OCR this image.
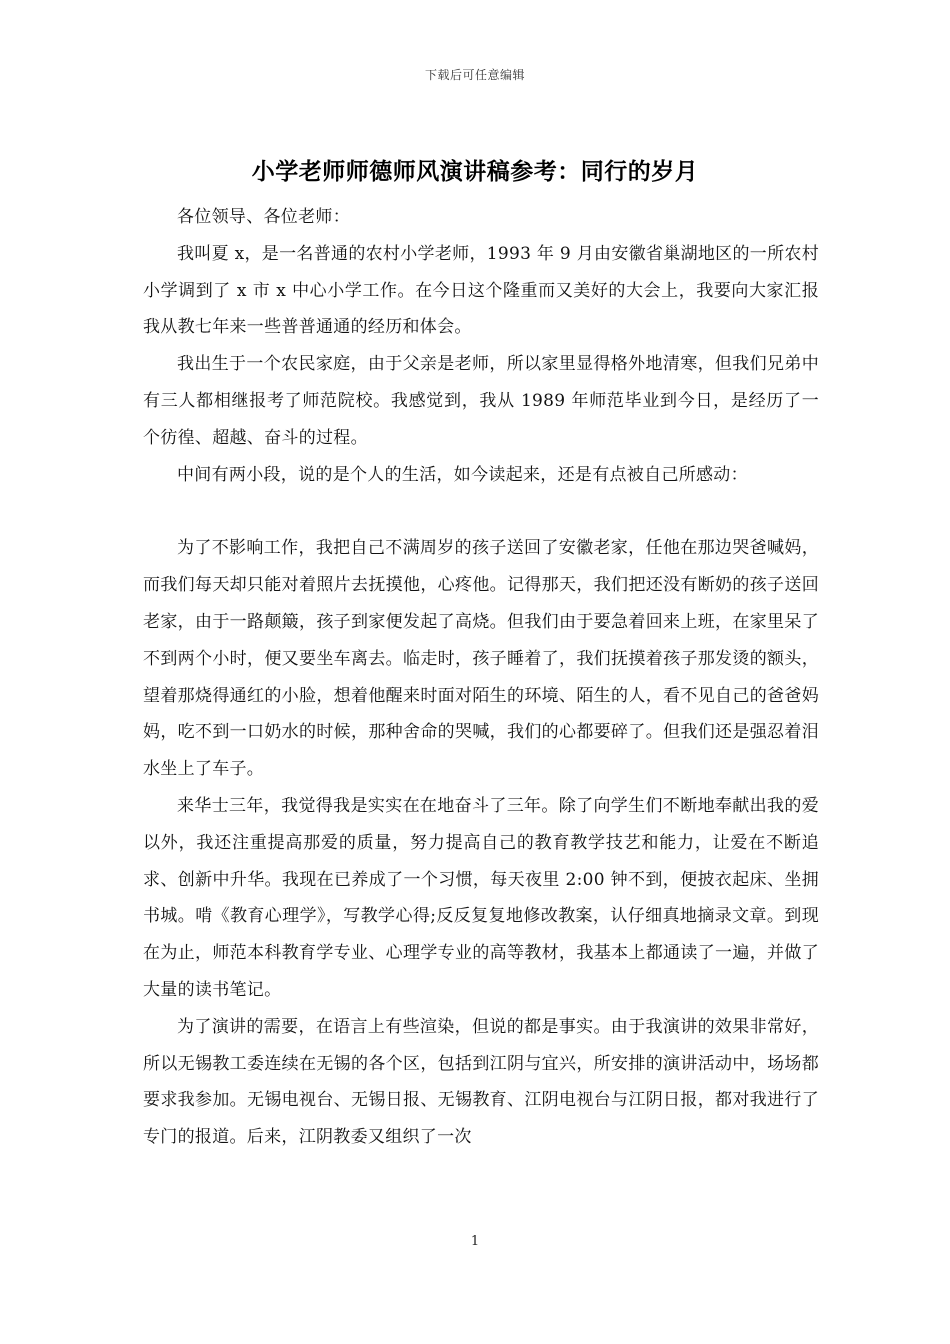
下载后可任意编辑
小学老师师德师风演讲稿参考：同行的岁月

各位领导、各位老师：

我叫夏 x，是一名普通的农村小学老师，1993 年 9 月由安徽省巢湖地区的一所农村小学调到了 x 市 x 中心小学工作。在今日这个隆重而又美好的大会上，我要向大家汇报我从教七年来一些普普通通的经历和体会。

我出生于一个农民家庭，由于父亲是老师，所以家里显得格外地清寒，但我们兄弟中有三人都相继报考了师范院校。我感觉到，我从 1989 年师范毕业到今日，是经历了一个彷徨、超越、奋斗的过程。

中间有两小段，说的是个人的生活，如今读起来，还是有点被自己所感动：

为了不影响工作，我把自己不满周岁的孩子送回了安徽老家，任他在那边哭爸喊妈，而我们每天却只能对着照片去抚摸他，心疼他。记得那天，我们把还没有断奶的孩子送回老家，由于一路颠簸，孩子到家便发起了高烧。但我们由于要急着回来上班，在家里呆了不到两个小时，便又要坐车离去。临走时，孩子睡着了，我们抚摸着孩子那发烫的额头，望着那烧得通红的小脸，想着他醒来时面对陌生的环境、陌生的人，看不见自己的爸爸妈妈，吃不到一口奶水的时候，那种舍命的哭喊，我们的心都要碎了。但我们还是强忍着泪水坐上了车子。

来华士三年，我觉得我是实实在在地奋斗了三年。除了向学生们不断地奉献出我的爱以外，我还注重提高那爱的质量，努力提高自己的教育教学技艺和能力，让爱在不断追求、创新中升华。我现在已养成了一个习惯，每天夜里 2:00 钟不到，便披衣起床、坐拥书城。啃《教育心理学》，写教学心得;反反复复地修改教案，认仔细真地摘录文章。到现在为止，师范本科教育学专业、心理学专业的高等教材，我基本上都通读了一遍，并做了大量的读书笔记。

为了演讲的需要，在语言上有些渲染，但说的都是事实。由于我演讲的效果非常好，所以无锡教工委连续在无锡的各个区，包括到江阴与宜兴，所安排的演讲活动中，场场都要求我参加。无锡电视台、无锡日报、无锡教育、江阴电视台与江阴日报，都对我进行了专门的报道。后来，江阴教委又组织了一次

1
